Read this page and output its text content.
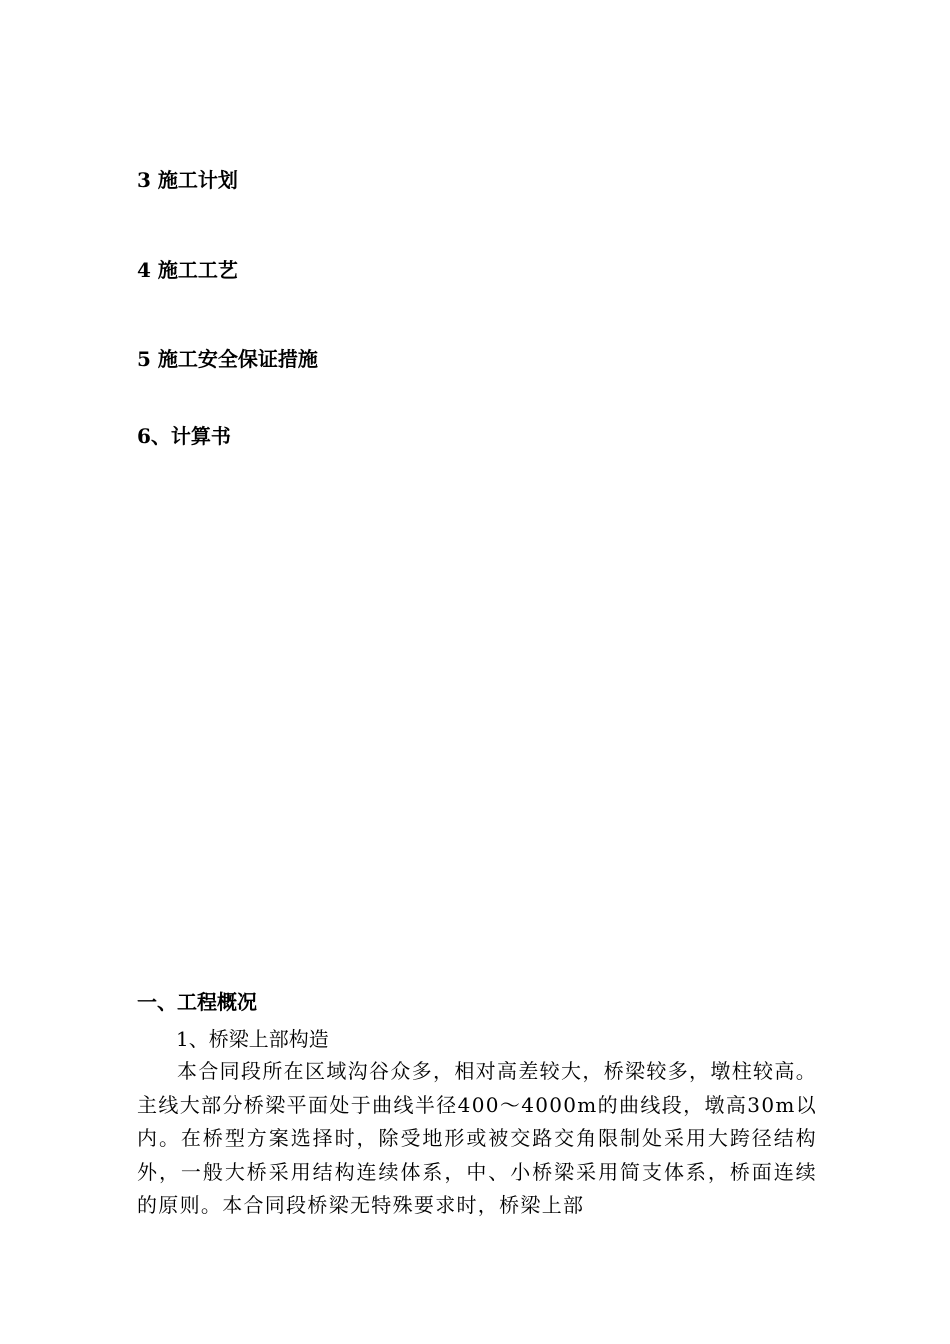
3 施工计划
4 施工工艺
5 施工安全保证措施
6、计算书
一、工程概况
1、桥梁上部构造

本合同段所在区域沟谷众多，相对高差较大，桥梁较多，墩柱较高。主线大部分桥梁平面处于曲线半径400～4000m的曲线段，墩高30m以内。在桥型方案选择时，除受地形或被交路交角限制处采用大跨径结构外，一般大桥采用结构连续体系，中、小桥梁采用简支体系，桥面连续的原则。本合同段桥梁无特殊要求时，桥梁上部
